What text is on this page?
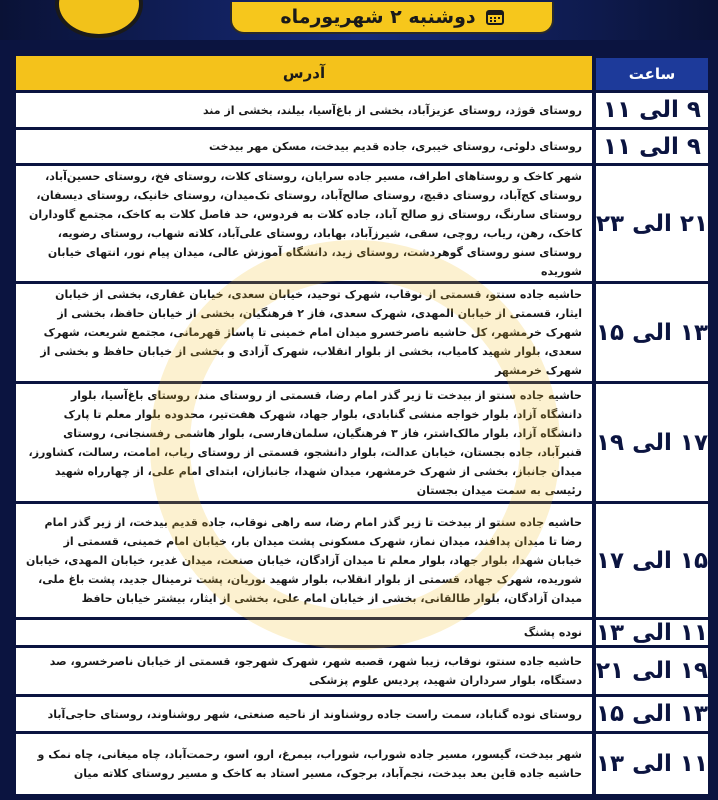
دوشنبه ۲ شهریورماه
آدرس	ساعت
روستای قوژد، روستای عزیزآباد، بخشی از باغ‌آسیا، بیلند، بخشی از مند ۹ الی ۱۱
روستای دلوئی، روستای خیبری، جاده قدیم بیدخت، مسکن مهر بیدخت ۹ الی ۱۱
شهر کاخک و روستاهای اطراف، مسیر جاده سرایان، روستای کلات، روستای فخ، روستای حسین‌آباد، روستای کج‌آباد، روستای دقیچ، روستای صالح‌آباد، روستای تک‌میدان، روستای خانیک، روستای دیسفان، روستای سارنگ، روستای زو صالح آباد، جاده کلات به فردوس، حد فاصل کلات به کاخک، مجتمع گاوداران کاخک، رهن، ریاب، روچی، سقی، شیرزآباد، بهاباد، روستای علی‌آباد، کلاته شهاب، روستای رضویه، روستای سنو روستای گوهردشت، روستای زید، دانشگاه آموزش عالی، میدان پیام نور، انتهای خیابان شوریده
۲۱ الی ۲۳
حاشیه جاده سنتو، قسمتی از نوقاب، شهرک توحید، خیابان سعدی، خیابان غفاری، بخشی از خیابان ایثار، قسمتی از خیابان المهدی، شهرک سعدی، فاز ۲ فرهنگیان، بخشی از خیابان حافظ، بخشی از شهرک خرمشهر، کل حاشیه ناصرخسرو میدان امام خمینی تا پاساژ قهرمانی، مجتمع شریعت، شهرک سعدی، بلوار شهید کامیاب، بخشی از بلوار انقلاب، شهرک آزادی و بخشی از خیابان حافظ و بخشی از شهرک خرمشهر
۱۳ الی ۱۵
حاشیه جاده سنتو از بیدخت تا زیر گذر امام رضا، قسمتی از روستای مند، روستای باغ‌آسیا، بلوار دانشگاه آزاد، بلوار خواجه منشی گنابادی، بلوار جهاد، شهرک هفت‌تیر، محدوده بلوار معلم تا پارک دانشگاه آزاد، بلوار مالک‌اشتر، فاز ۳ فرهنگیان، سلمان‌فارسی، بلوار هاشمی رفسنجانی، روستای قنبرآباد، جاده بجستان، خیابان عدالت، بلوار دانشجو، قسمتی از روستای ریاب، امامت، رسالت، کشاورز، میدان جانباز، بخشی از شهرک خرمشهر، میدان شهدا، جانبازان، ابتدای امام علی، از چهارراه شهید رئیسی به سمت میدان بجستان
۱۷ الی ۱۹
حاشیه جاده سنتو از بیدخت تا زیر گذر امام رضا، سه راهی نوقاب، جاده قدیم بیدخت، از زیر گذر امام رضا تا میدان پدافند، میدان نماز، شهرک مسکونی پشت میدان بار، خیابان امام خمینی، قسمتی از خیابان شهدا، بلوار جهاد، بلوار معلم تا میدان آزادگان، خیابان صنعت، میدان غدیر، خیابان المهدی، خیابان شوریده، شهرک جهاد، قسمتی از بلوار انقلاب، بلوار شهید نوریان، پشت ترمینال جدید، پشت باغ ملی، میدان آزادگان، بلوار طالقانی، بخشی از خیابان امام علی، بخشی از ایثار، بیشتر خیابان حافظ
۱۵ الی ۱۷
نوده پشنگ ۱۱ الی ۱۳
حاشیه جاده سنتو، نوقاب، زیبا شهر، قصبه شهر، شهرک شهرجو، قسمتی از خیابان ناصرخسرو، صد دستگاه، بلوار سرداران شهید، پردیس علوم پزشکی ۱۹ الی ۲۱
روستای نوده گناباد، سمت راست جاده روشناوند از ناحیه صنعتی، شهر روشناوند، روستای حاجی‌آباد ۱۳ الی ۱۵
شهر بیدخت، گیسور، مسیر جاده شوراب، شوراب، بیمرغ، ارو، اسو، رحمت‌آباد، چاه میغانی، چاه نمک و حاشیه جاده قاین بعد بیدخت، نجم‌آباد، برجوک، مسیر استاد به کاخک و مسیر روستای کلاته میان ۱۱ الی ۱۳
